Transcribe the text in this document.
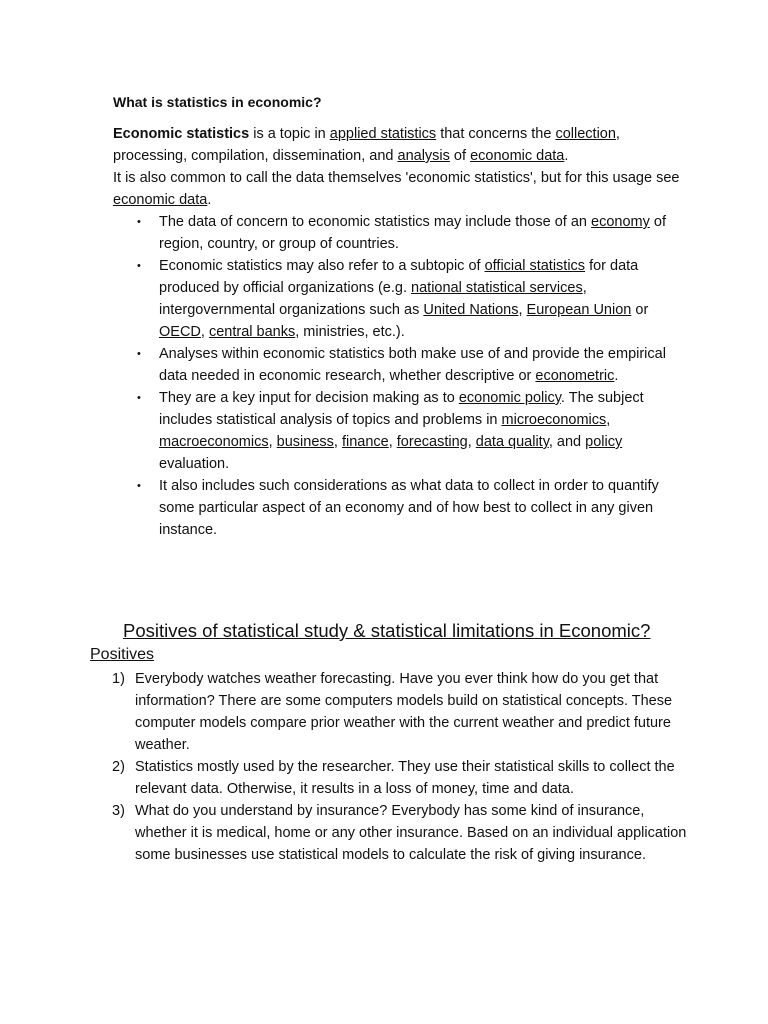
What is statistics in economic?

Economic statistics is a topic in applied statistics that concerns the collection, processing, compilation, dissemination, and analysis of economic data.
It is also common to call the data themselves 'economic statistics', but for this usage see economic data.

• The data of concern to economic statistics may include those of an economy of region, country, or group of countries.
• Economic statistics may also refer to a subtopic of official statistics for data produced by official organizations (e.g. national statistical services, intergovernmental organizations such as United Nations, European Union or OECD, central banks, ministries, etc.).
• Analyses within economic statistics both make use of and provide the empirical data needed in economic research, whether descriptive or econometric.
• They are a key input for decision making as to economic policy. The subject includes statistical analysis of topics and problems in microeconomics, macroeconomics, business, finance, forecasting, data quality, and policy evaluation.
• It also includes such considerations as what data to collect in order to quantify some particular aspect of an economy and of how best to collect in any given instance.

Positives of statistical study & statistical limitations in Economic?

Positives

1) Everybody watches weather forecasting. Have you ever think how do you get that information? There are some computers models build on statistical concepts. These computer models compare prior weather with the current weather and predict future weather.
2) Statistics mostly used by the researcher. They use their statistical skills to collect the relevant data. Otherwise, it results in a loss of money, time and data.
3) What do you understand by insurance? Everybody has some kind of insurance, whether it is medical, home or any other insurance. Based on an individual application some businesses use statistical models to calculate the risk of giving insurance.
